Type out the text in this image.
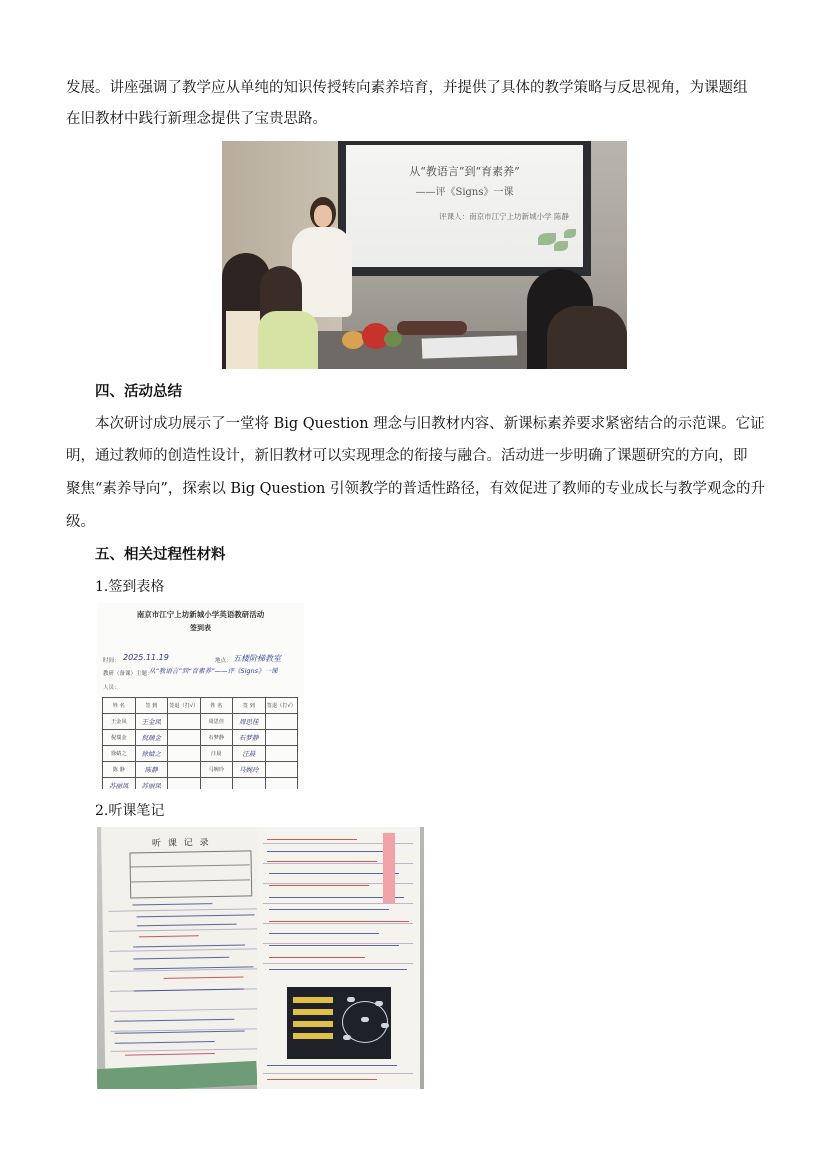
发展。讲座强调了教学应从单纯的知识传授转向素养培育，并提供了具体的教学策略与反思视角，为课题组

在旧教材中践行新理念提供了宝贵思路。

从“教语言”到“育素养”
——评《Signs》一课
评课人：南京市江宁上坊新城小学 陈静
四、活动总结

本次研讨成功展示了一堂将 Big Question 理念与旧教材内容、新课标素养要求紧密结合的示范课。它证

明，通过教师的创造性设计，新旧教材可以实现理念的衔接与融合。活动进一步明确了课题研究的方向，即

聚焦“素养导向”，探索以 Big Question 引领教学的普适性路径，有效促进了教师的专业成长与教学观念的升

级。

五、相关过程性材料

1.签到表格

南京市江宁上坊新城小学英语教研活动
签到表
时间： 2025.11.19	地点： 五楼阶梯教室
教研（备课）主题：
从“教语言”到“育素养”——评《Signs》一课
人员：
姓 名	签 到	签退（打√）	姓 名	签 到	签退（打√）
王金凤	王金凤		周思佳	周思佳	
倪瑞金	倪瑞金		石梦静	石梦静	
徐婧之	徐婧之		汪晨	汪晨	
陈 静	陈静		马婉玲	马婉玲	
苏丽凤	苏丽凤				

2.听课笔记

听 课 记 录
